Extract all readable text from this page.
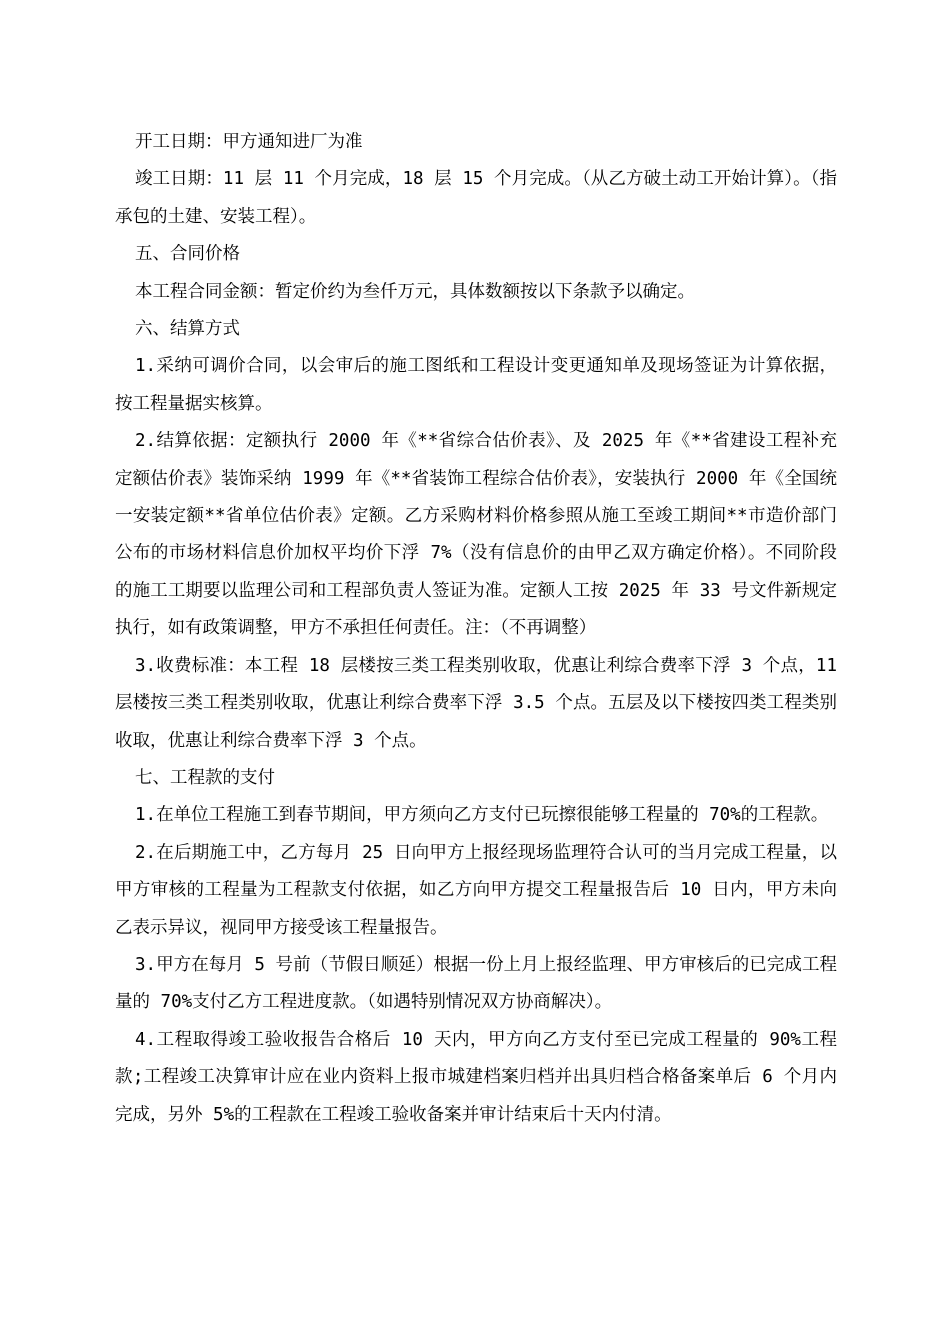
开工日期：甲方通知进厂为准

竣工日期：11 层 11 个月完成，18 层 15 个月完成。（从乙方破土动工开始计算）。（指承包的土建、安装工程）。

五、合同价格

本工程合同金额：暂定价约为叁仟万元，具体数额按以下条款予以确定。

六、结算方式

1.采纳可调价合同，以会审后的施工图纸和工程设计变更通知单及现场签证为计算依据，按工程量据实核算。

2.结算依据：定额执行 2000 年《**省综合估价表》、及 2025 年《**省建设工程补充定额估价表》装饰采纳 1999 年《**省装饰工程综合估价表》，安装执行 2000 年《全国统一安装定额**省单位估价表》定额。乙方采购材料价格参照从施工至竣工期间**市造价部门公布的市场材料信息价加权平均价下浮 7%（没有信息价的由甲乙双方确定价格）。不同阶段的施工工期要以监理公司和工程部负责人签证为准。定额人工按 2025 年 33 号文件新规定执行，如有政策调整，甲方不承担任何责任。注：（不再调整）

3.收费标准：本工程 18 层楼按三类工程类别收取，优惠让利综合费率下浮 3 个点，11 层楼按三类工程类别收取，优惠让利综合费率下浮 3.5 个点。五层及以下楼按四类工程类别收取，优惠让利综合费率下浮 3 个点。

七、工程款的支付

1.在单位工程施工到春节期间，甲方须向乙方支付已玩擦很能够工程量的 70%的工程款。

2.在后期施工中，乙方每月 25 日向甲方上报经现场监理符合认可的当月完成工程量，以甲方审核的工程量为工程款支付依据，如乙方向甲方提交工程量报告后 10 日内，甲方未向乙表示异议，视同甲方接受该工程量报告。

3.甲方在每月 5 号前（节假日顺延）根据一份上月上报经监理、甲方审核后的已完成工程量的 70%支付乙方工程进度款。（如遇特别情况双方协商解决）。

4.工程取得竣工验收报告合格后 10 天内，甲方向乙方支付至已完成工程量的 90%工程款;工程竣工决算审计应在业内资料上报市城建档案归档并出具归档合格备案单后 6 个月内完成，另外 5%的工程款在工程竣工验收备案并审计结束后十天内付清。
